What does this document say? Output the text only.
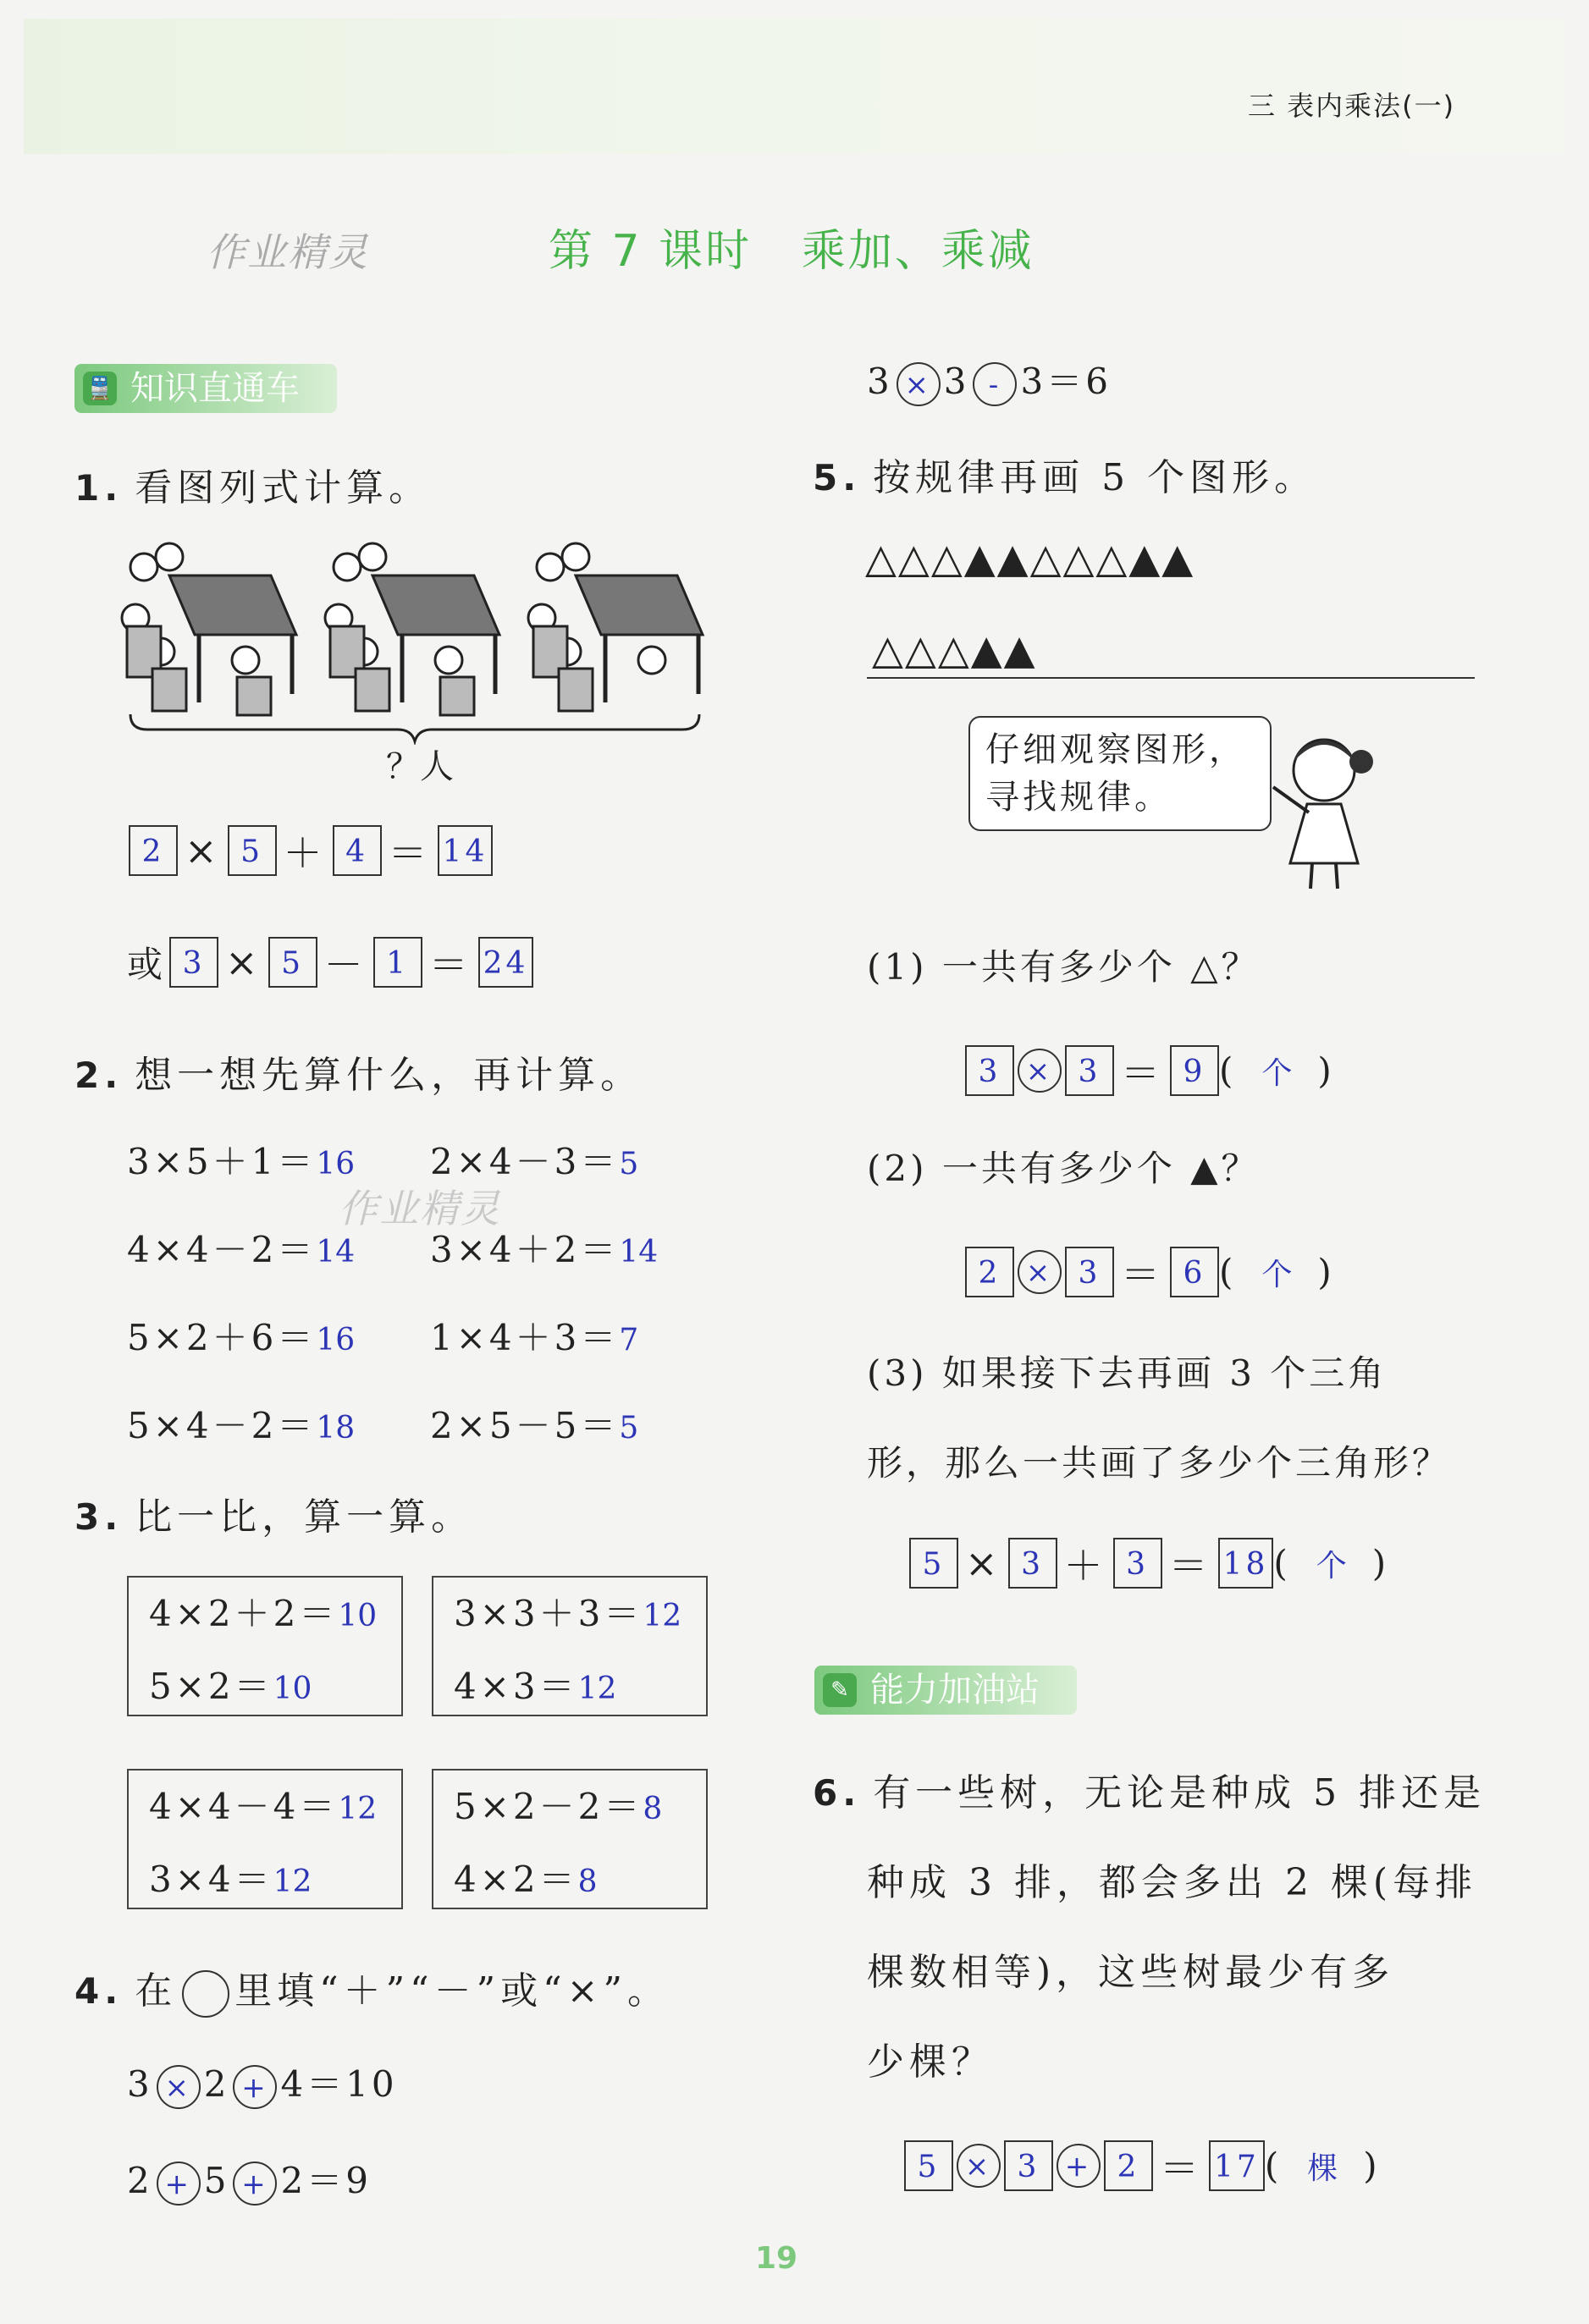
三 表内乘法(一)
作业精灵	第 7 课时   乘加、乘减
🚆 知识直通车
1. 看图列式计算。
？人
2 × 5 ＋ 4 ＝ 14
或 3 × 5 － 1 ＝ 24
2. 想一想先算什么，再计算。
3×5＋1＝16 2×4－3＝5
4×4－2＝14 3×4＋2＝14
5×2＋6＝16 1×4＋3＝7
5×4－2＝18 2×5－5＝5
作业精灵
3. 比一比，算一算。
4×2＋2＝10
5×2＝10
3×3＋3＝12
4×3＝12
4×4－4＝12
3×4＝12
5×2－2＝8
4×2＝8
4. 在 里填“＋”“－”或“×”。
3 × 2 + 4＝10
2 + 5 + 2＝9
3 × 3 - 3＝6
5. 按规律再画 5 个图形。
△△△▲▲△△△▲▲
△△△▲▲
仔细观察图形，
寻找规律。
(1) 一共有多少个 △？
3 × 3 ＝ 9 ( 个 )
(2) 一共有多少个 ▲？
2 × 3 ＝ 6 ( 个 )
(3) 如果接下去再画 3 个三角
形，那么一共画了多少个三角形？
5 × 3 ＋ 3 ＝ 18 ( 个 )
✎ 能力加油站
6. 有一些树，无论是种成 5 排还是
种成 3 排，都会多出 2 棵(每排
棵数相等)，这些树最少有多
少棵？
5 × 3 + 2 ＝ 17 ( 棵 )
19
